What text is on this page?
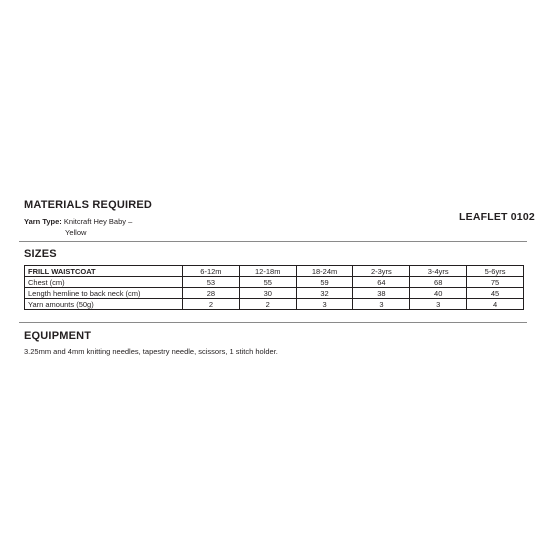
MATERIALS REQUIRED
Yarn Type: Knitcraft Hey Baby –
Yellow
LEAFLET 0102
SIZES
FRILL WAISTCOAT	6-12m	12-18m	18-24m	2-3yrs	3-4yrs	5-6yrs
Chest (cm)	53	55	59	64	68	75
Length hemline to back neck (cm)	28	30	32	38	40	45
Yarn amounts (50g)	2	2	3	3	3	4
EQUIPMENT
3.25mm and 4mm knitting needles, tapestry needle, scissors, 1 stitch holder.
